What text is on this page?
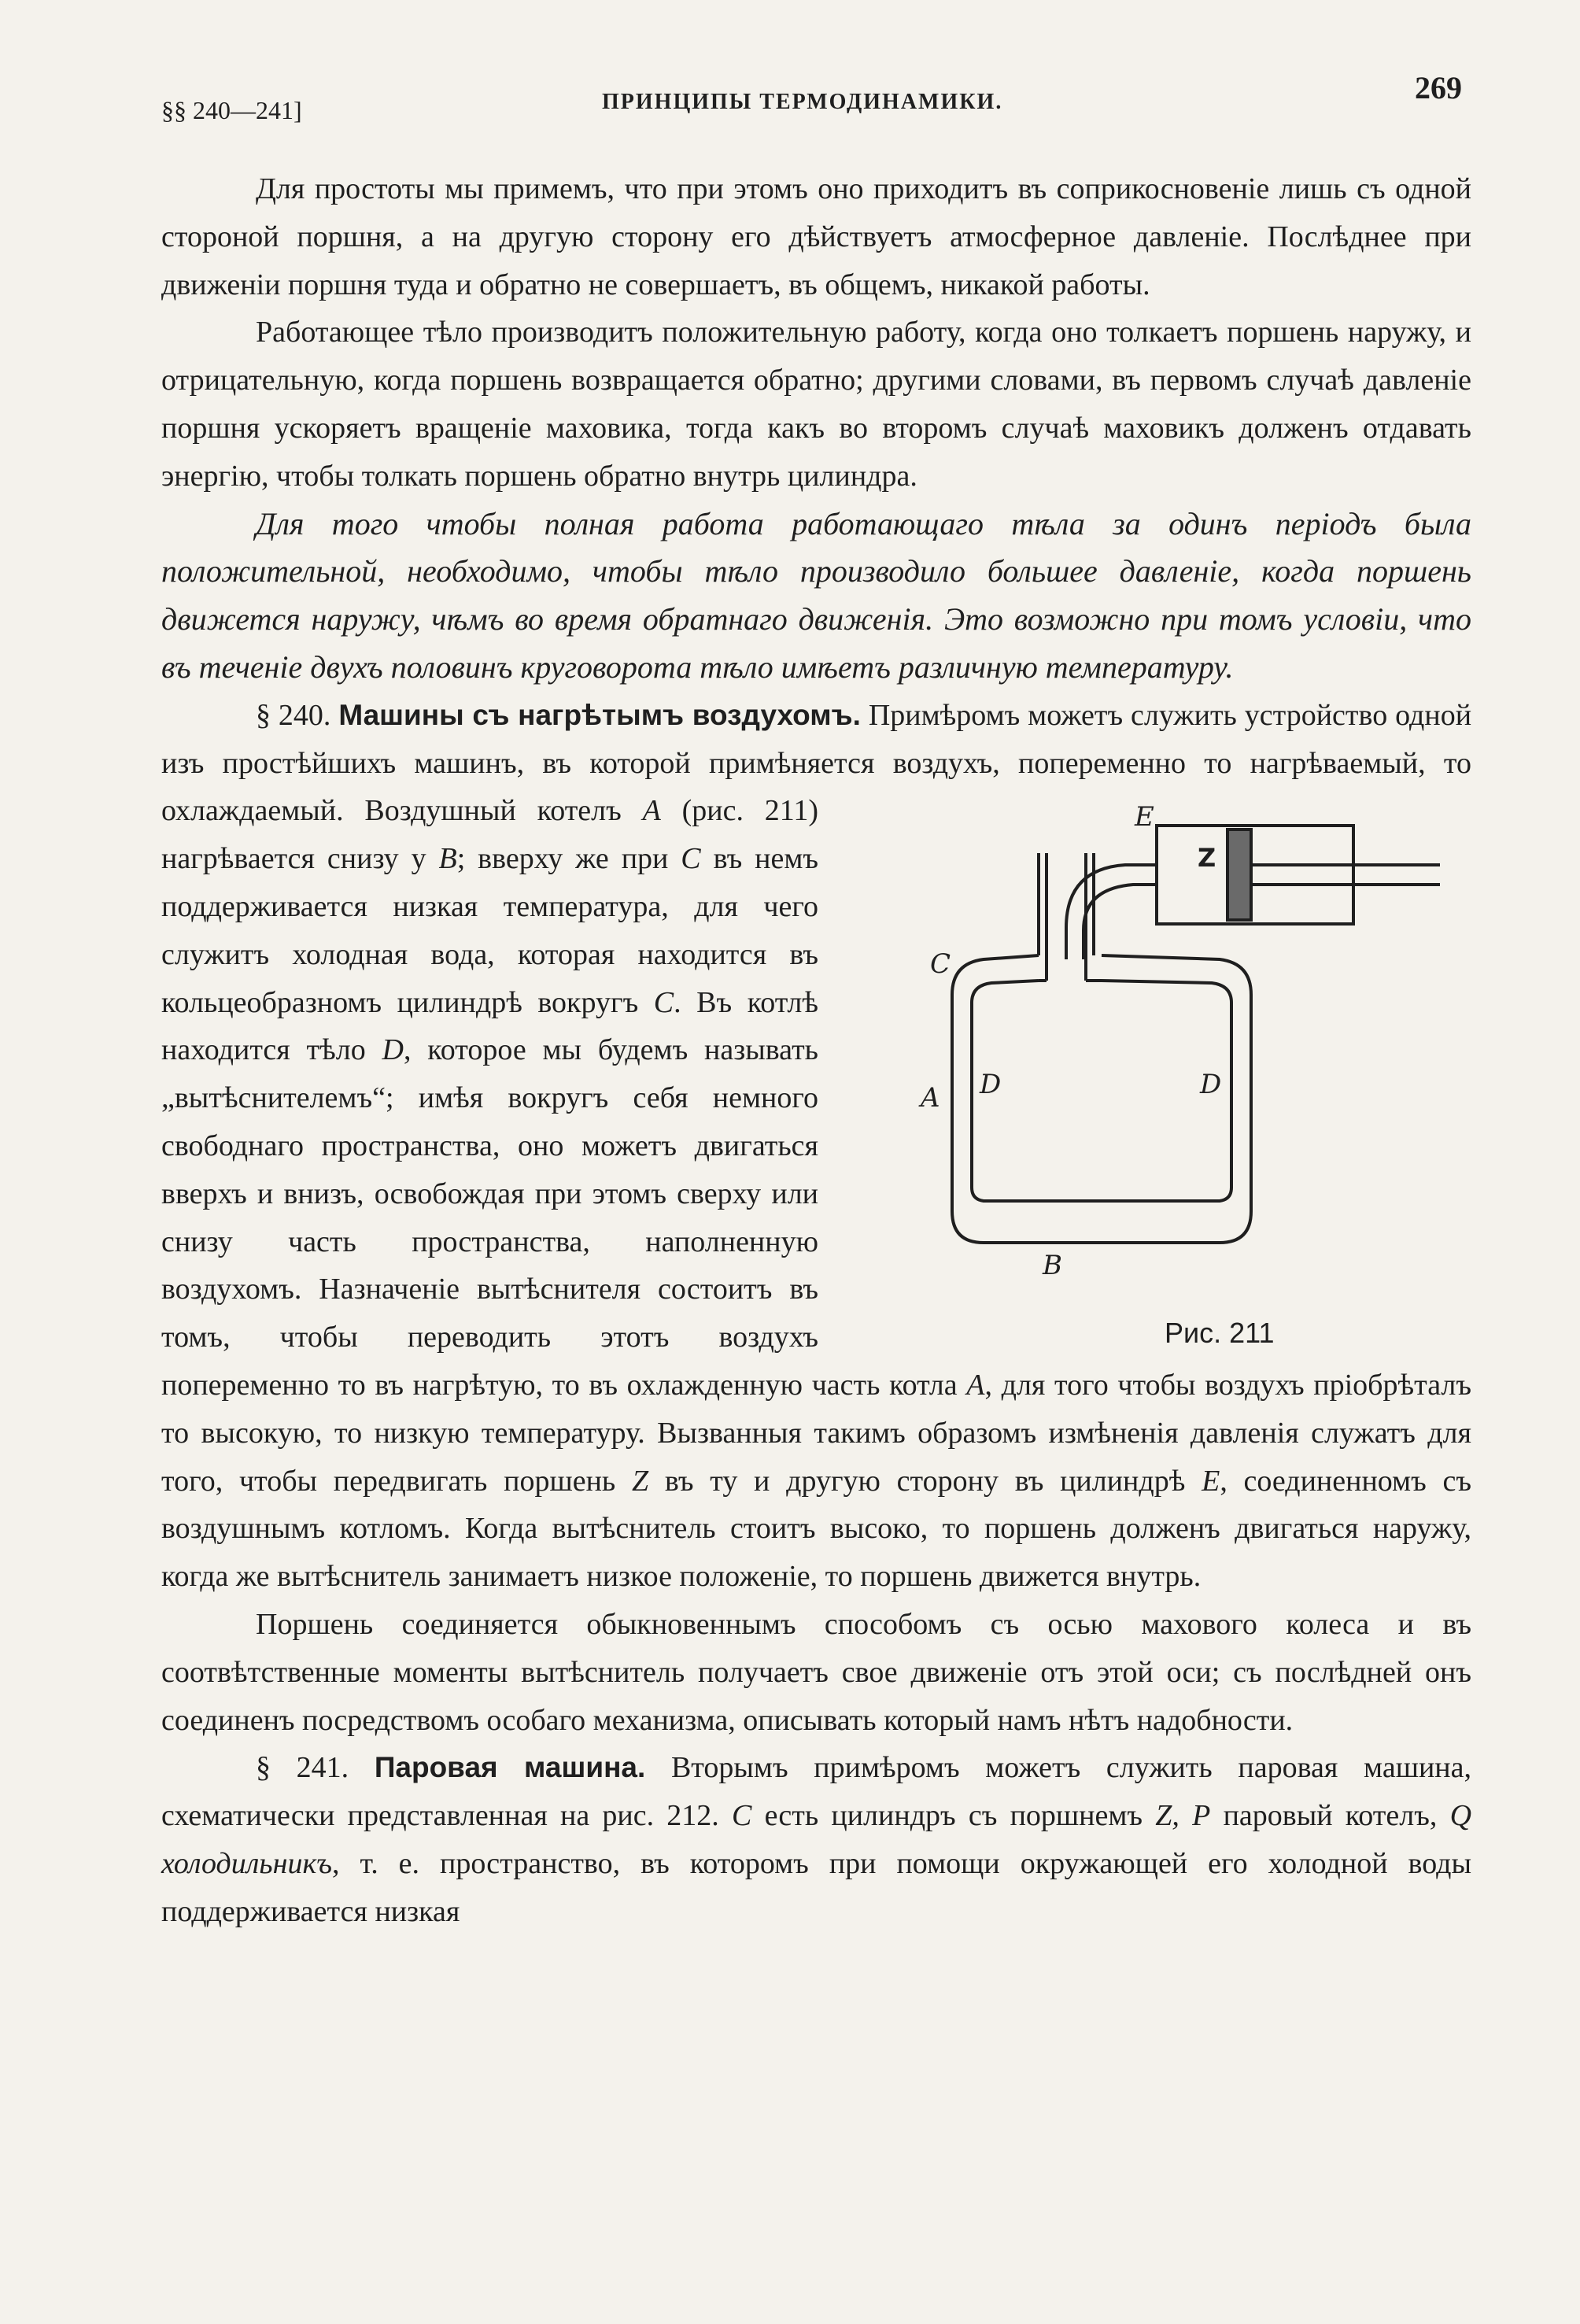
§§ 240—241]	ПРИНЦИПЫ ТЕРМОДИНАМИКИ.	269

Для простоты мы примемъ, что при этомъ оно приходитъ въ соприкосновенiе лишь съ одной стороной поршня, а на другую сторону его дѣйствуетъ атмосферное давленiе. Послѣднее при движенiи поршня туда и обратно не совершаетъ, въ общемъ, никакой работы.

Работающее тѣло производитъ положительную работу, когда оно толкаетъ поршень наружу, и отрицательную, когда поршень возвращается обратно; другими словами, въ первомъ случаѣ давленiе поршня ускоряетъ вращенiе маховика, тогда какъ во второмъ случаѣ маховикъ долженъ отдавать энергiю, чтобы толкать поршень обратно внутрь цилиндра.

Для того чтобы полная работа работающаго тѣла за одинъ перiодъ была положительной, необходимо, чтобы тѣло производило большее давленiе, когда поршень движется наружу, чѣмъ во время обратнаго движенiя. Это возможно при томъ условiи, что въ теченiе двухъ половинъ круговорота тѣло имѣетъ различную температуру.

§ 240. Машины съ нагрѣтымъ воздухомъ. Примѣромъ можетъ служить устройство одной изъ простѣйшихъ машинъ, въ которой примѣняется воздухъ, попеременно то нагрѣваемый, то охлаждаемый. Воздушный котелъ	E
Z
C
A D	D
B
Рис. 211
A (рис. 211) нагрѣвается снизу у B; вверху же при C въ немъ поддерживается низкая температура, для чего служитъ холодная вода, которая находится въ кольцеобразномъ цилиндрѣ вокругъ C. Въ котлѣ находится тѣло D, которое мы будемъ называть „вытѣснителемъ“; имѣя вокругъ себя немного свободнаго пространства, оно можетъ двигаться вверхъ и внизъ, освобождая при этомъ сверху или снизу часть пространства, наполненную воздухомъ. Назначенiе вытѣснителя состоитъ въ томъ, чтобы переводить этотъ воздухъ попеременно то въ нагрѣтую, то въ охлажденную часть котла A, для того чтобы воздухъ прiобрѣталъ то высокую, то низкую температуру. Вызванныя такимъ образомъ измѣненiя давленiя служатъ для того, чтобы передвигать поршень Z въ ту и другую сторону въ цилиндрѣ E, соединенномъ съ воздушнымъ котломъ. Когда вытѣснитель стоитъ высоко, то поршень долженъ двигаться наружу, когда же вытѣснитель занимаетъ низкое положенiе, то поршень движется внутрь.

Поршень соединяется обыкновеннымъ способомъ съ осью махового колеса и въ соотвѣтственные моменты вытѣснитель получаетъ свое движенiе отъ этой оси; съ послѣдней онъ соединенъ посредствомъ особаго механизма, описывать который намъ нѣтъ надобности.

§ 241. Паровая машина. Вторымъ примѣромъ можетъ служить паровая машина, схематически представленная на рис. 212. C есть цилиндръ съ поршнемъ Z, P паровый котелъ, Q холодильникъ, т. е. пространство, въ которомъ при помощи окружающей его холодной воды поддерживается низкая
